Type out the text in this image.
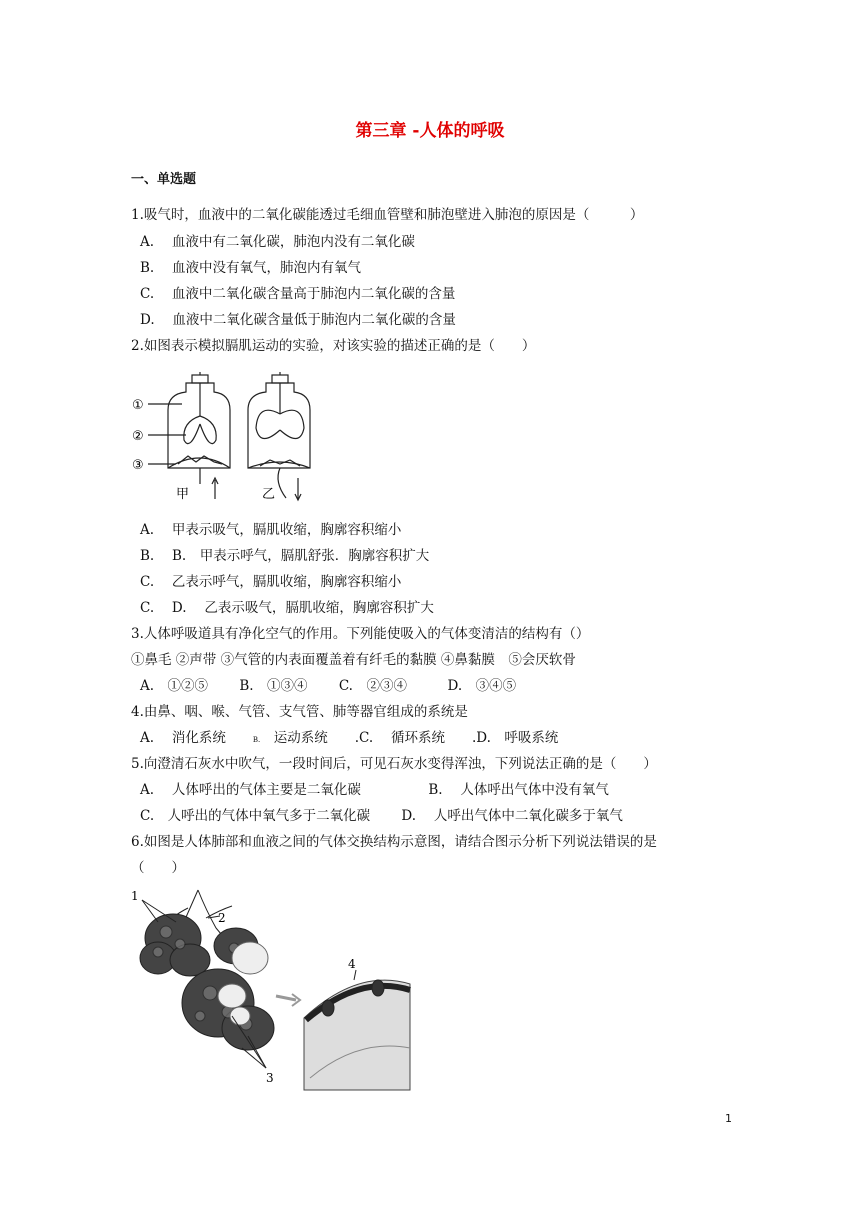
第三章 -人体的呼吸
一、单选题
1.吸气时，血液中的二氧化碳能透过毛细血管壁和肺泡壁进入肺泡的原因是（　　　）
A.　 血液中有二氧化碳，肺泡内没有二氧化碳
B.　 血液中没有氧气，肺泡内有氧气
C.　 血液中二氧化碳含量高于肺泡内二氧化碳的含量
D.　 血液中二氧化碳含量低于肺泡内二氧化碳的含量
2.如图表示模拟膈肌运动的实验，对该实验的描述正确的是（　　）
①
②
③
甲	乙
A.　 甲表示吸气，膈肌收缩，胸廓容积缩小
B.　 B.　甲表示呼气，膈肌舒张．胸廓容积扩大
C.　 乙表示呼气，膈肌收缩，胸廓容积缩小
C.　 D.　 乙表示吸气，膈肌收缩，胸廓容积扩大
3.人体呼吸道具有净化空气的作用。下列能使吸入的气体变清洁的结构有（）
①鼻毛 ②声带 ③气管的内表面覆盖着有纤毛的黏膜 ④鼻黏膜　⑤会厌软骨
A.　①②⑤　　 B.　①③④　　 C.　②③④　　　D.　③④⑤
4.由鼻、咽、喉、气管、支气管、肺等器官组成的系统是
A.　 消化系统　　B.　运动系统　　.C.　 循环系统　　.D.　呼吸系统
5.向澄清石灰水中吹气，一段时间后，可见石灰水变得浑浊，下列说法正确的是（　　）
A.　 人体呼出的气体主要是二氧化碳　　　　　B.　 人体呼出气体中没有氧气
C.　人呼出的气体中氧气多于二氧化碳　　 D.　 人呼出气体中二氧化碳多于氧气
6.如图是人体肺部和血液之间的气体交换结构示意图，请结合图示分析下列说法错误的是
（　　）
1
2
3
4
1
